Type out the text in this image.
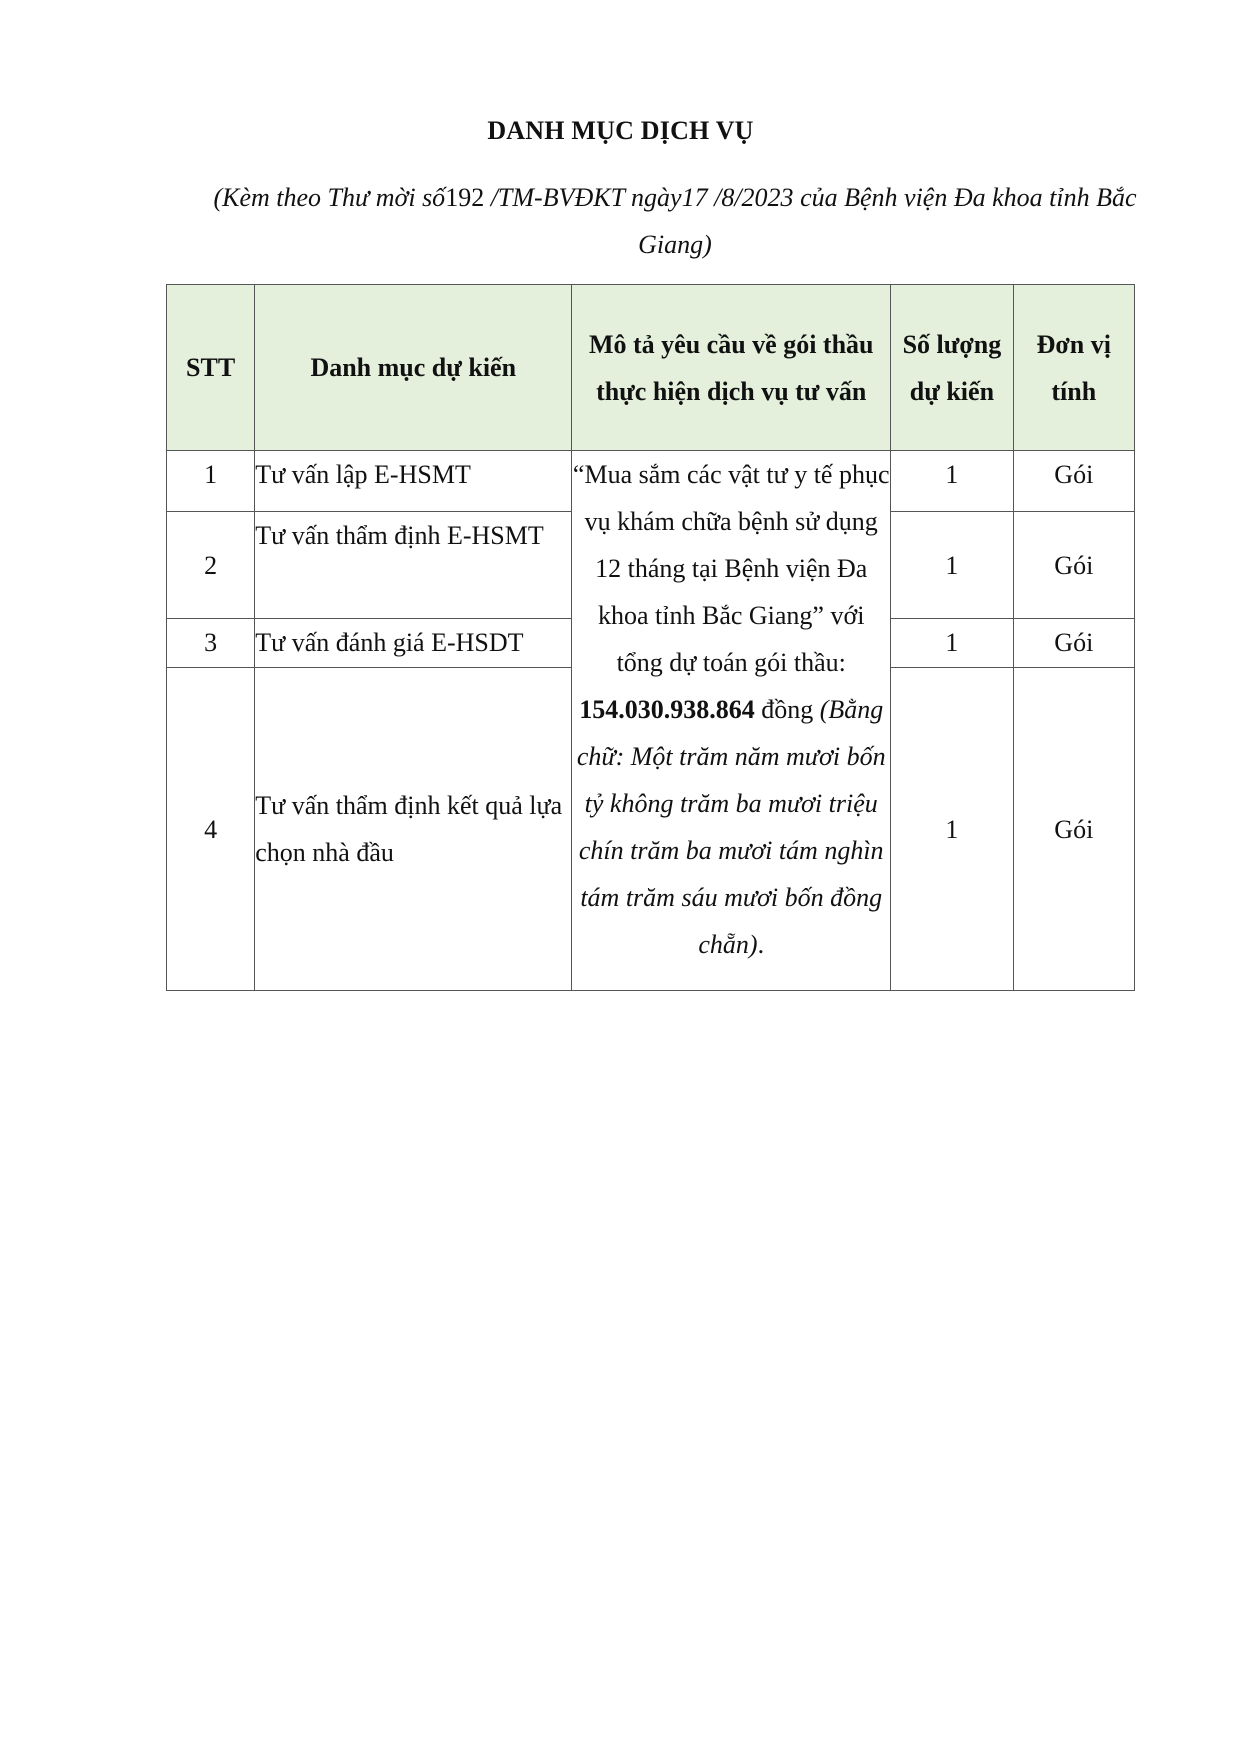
DANH MỤC DỊCH VỤ
(Kèm theo Thư mời số192 /TM-BVĐKT ngày17 /8/2023 của Bệnh viện Đa khoa tỉnh Bắc Giang)
STT	Danh mục dự kiến	Mô tả yêu cầu về gói thầu thực hiện dịch vụ tư vấn	Số lượng dự kiến	Đơn vị tính
1	Tư vấn lập E-HSMT	“Mua sắm các vật tư y tế phục vụ khám chữa bệnh sử dụng 12 tháng tại Bệnh viện Đa khoa tỉnh Bắc Giang” với tổng dự toán gói thầu: 154.030.938.864 đồng (Bằng chữ: Một trăm năm mươi bốn tỷ không trăm ba mươi triệu chín trăm ba mươi tám nghìn tám trăm sáu mươi bốn đồng chẵn).	1	Gói
2	Tư vấn thẩm định E-HSMT		1	Gói
3	Tư vấn đánh giá E-HSDT		1	Gói
4	Tư vấn thẩm định kết quả lựa chọn nhà đầu		1	Gói
